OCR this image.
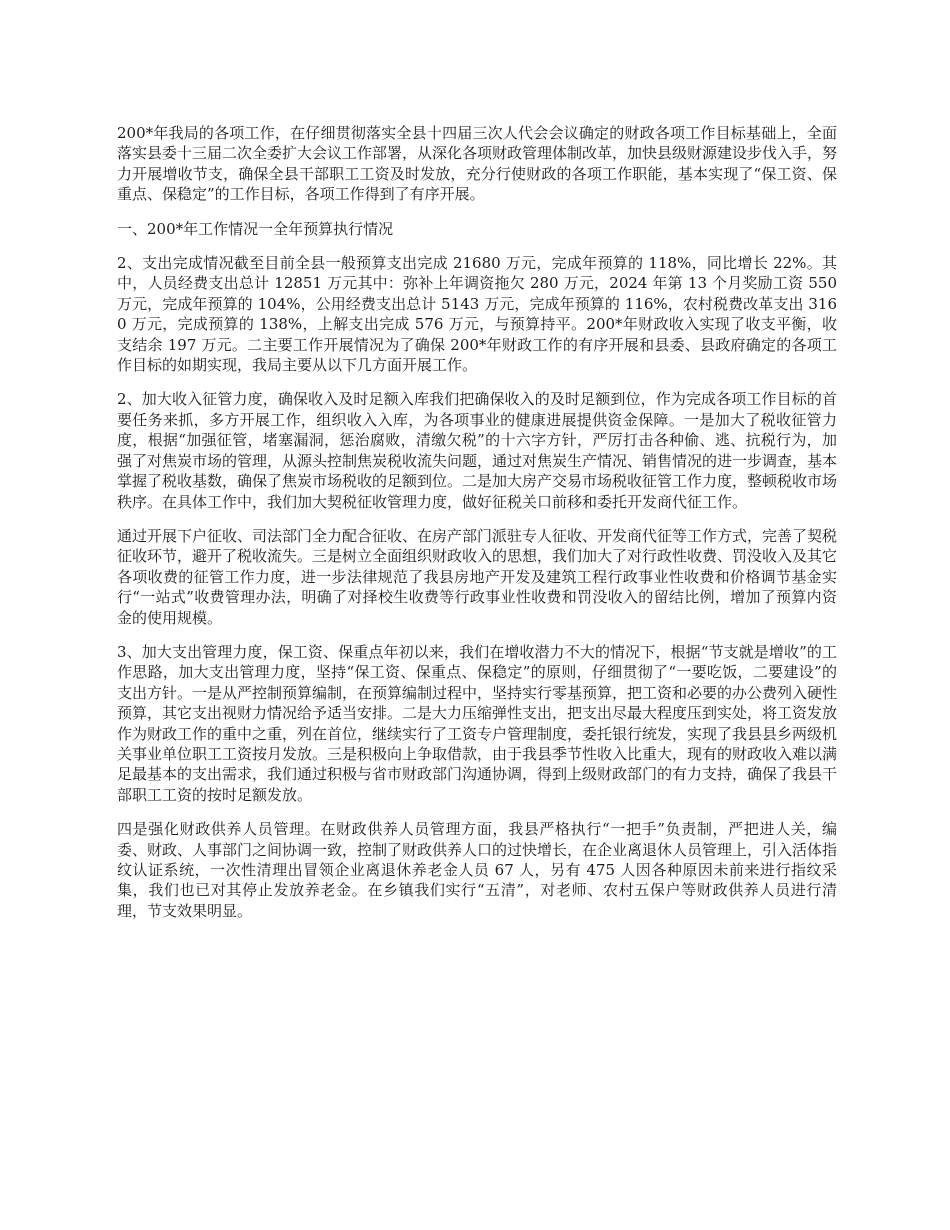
200*年我局的各项工作，在仔细贯彻落实全县十四届三次人代会会议确定的财政各项工作目标基础上，全面落实县委十三届二次全委扩大会议工作部署，从深化各项财政管理体制改革，加快县级财源建设步伐入手，努力开展增收节支，确保全县干部职工工资及时发放，充分行使财政的各项工作职能，基本实现了“保工资、保重点、保稳定”的工作目标，各项工作得到了有序开展。

一、200*年工作情况一全年预算执行情况

2、支出完成情况截至目前全县一般预算支出完成 21680 万元，完成年预算的 118%，同比增长 22%。其中，人员经费支出总计 12851 万元其中：弥补上年调资拖欠 280 万元，2024 年第 13 个月奖励工资 550 万元，完成年预算的 104%，公用经费支出总计 5143 万元，完成年预算的 116%，农村税费改革支出 3160 万元，完成预算的 138%，上解支出完成 576 万元，与预算持平。200*年财政收入实现了收支平衡，收支结余 197 万元。二主要工作开展情况为了确保 200*年财政工作的有序开展和县委、县政府确定的各项工作目标的如期实现，我局主要从以下几方面开展工作。

2、加大收入征管力度，确保收入及时足额入库我们把确保收入的及时足额到位，作为完成各项工作目标的首要任务来抓，多方开展工作，组织收入入库，为各项事业的健康进展提供资金保障。一是加大了税收征管力度，根据“加强征管，堵塞漏洞，惩治腐败，清缴欠税”的十六字方针，严厉打击各种偷、逃、抗税行为，加强了对焦炭市场的管理，从源头控制焦炭税收流失问题，通过对焦炭生产情况、销售情况的进一步调查，基本掌握了税收基数，确保了焦炭市场税收的足额到位。二是加大房产交易市场税收征管工作力度，整顿税收市场秩序。在具体工作中，我们加大契税征收管理力度，做好征税关口前移和委托开发商代征工作。

通过开展下户征收、司法部门全力配合征收、在房产部门派驻专人征收、开发商代征等工作方式，完善了契税征收环节，避开了税收流失。三是树立全面组织财政收入的思想，我们加大了对行政性收费、罚没收入及其它各项收费的征管工作力度，进一步法律规范了我县房地产开发及建筑工程行政事业性收费和价格调节基金实行“一站式”收费管理办法，明确了对择校生收费等行政事业性收费和罚没收入的留结比例，增加了预算内资金的使用规模。

3、加大支出管理力度，保工资、保重点年初以来，我们在增收潜力不大的情况下，根据“节支就是增收”的工作思路，加大支出管理力度，坚持“保工资、保重点、保稳定”的原则，仔细贯彻了“一要吃饭，二要建设”的支出方针。一是从严控制预算编制，在预算编制过程中，坚持实行零基预算，把工资和必要的办公费列入硬性预算，其它支出视财力情况给予适当安排。二是大力压缩弹性支出，把支出尽最大程度压到实处，将工资发放作为财政工作的重中之重，列在首位，继续实行了工资专户管理制度，委托银行统发，实现了我县县乡两级机关事业单位职工工资按月发放。三是积极向上争取借款，由于我县季节性收入比重大，现有的财政收入难以满足最基本的支出需求，我们通过积极与省市财政部门沟通协调，得到上级财政部门的有力支持，确保了我县干部职工工资的按时足额发放。

四是强化财政供养人员管理。在财政供养人员管理方面，我县严格执行“一把手”负责制，严把进人关，编委、财政、人事部门之间协调一致，控制了财政供养人口的过快增长，在企业离退休人员管理上，引入活体指纹认证系统，一次性清理出冒领企业离退休养老金人员 67 人，另有 475 人因各种原因未前来进行指纹采集，我们也已对其停止发放养老金。在乡镇我们实行“五清”，对老师、农村五保户等财政供养人员进行清理，节支效果明显。
